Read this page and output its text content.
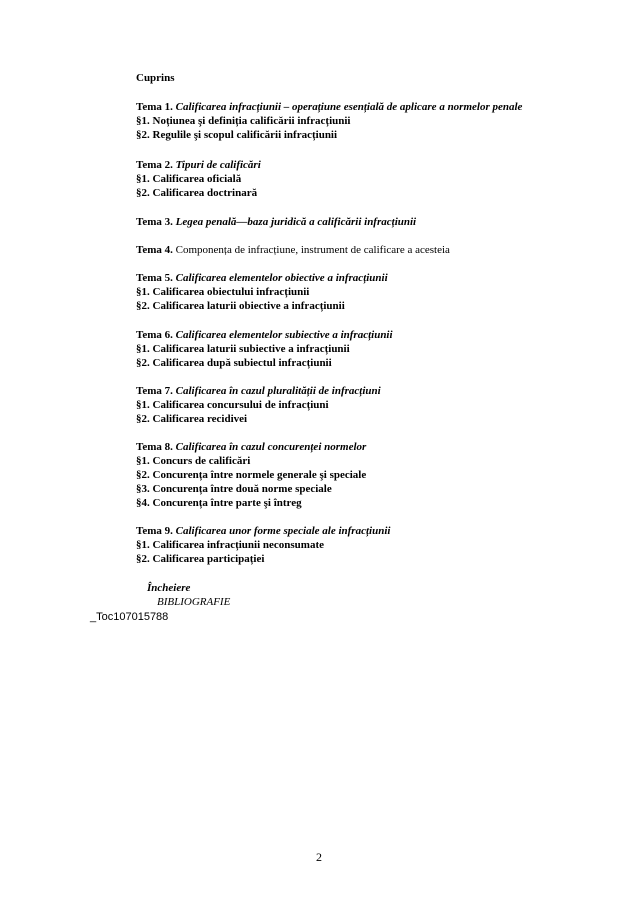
Cuprins
Tema 1. Calificarea infracțiunii – operațiune esențială de aplicare a normelor penale
§1. Noțiunea şi definiția calificării infracțiunii
§2. Regulile şi scopul calificării infracțiunii
Tema 2. Tipuri de calificări
§1. Calificarea oficială
§2. Calificarea doctrinară
Tema 3. Legea penală—baza juridică a calificării infracțiunii
Tema 4. Componența de infracțiune, instrument de calificare a acesteia
Tema 5. Calificarea elementelor obiective a infracțiunii
§1. Calificarea obiectului infracțiunii
§2. Calificarea laturii obiective a infracțiunii
Tema 6. Calificarea elementelor subiective a infracțiunii
§1. Calificarea laturii subiective a infracțiunii
§2. Calificarea după subiectul infracțiunii
Tema 7. Calificarea în cazul pluralității de infracțiuni
§1. Calificarea concursului de infracțiuni
§2. Calificarea recidivei
Tema 8. Calificarea în cazul concurenței normelor
§1. Concurs de calificări
§2. Concurența între normele generale şi speciale
§3. Concurența între două norme speciale
§4. Concurența între parte şi întreg
Tema 9. Calificarea unor forme speciale ale infracțiunii
§1. Calificarea infracțiunii neconsumate
§2. Calificarea participației
Încheiere
BIBLIOGRAFIE
_Toc107015788
2
